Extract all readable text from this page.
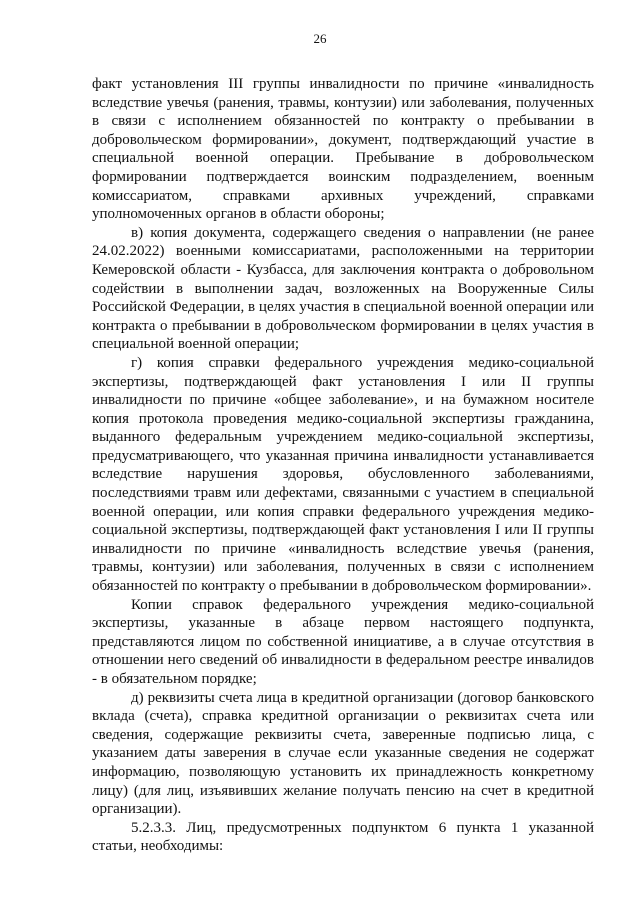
26

факт установления III группы инвалидности по причине «инвалидность вследствие увечья (ранения, травмы, контузии) или заболевания, полученных в связи с исполнением обязанностей по контракту о пребывании в добровольческом формировании», документ, подтверждающий участие в специальной военной операции. Пребывание в добровольческом формировании подтверждается воинским подразделением, военным комиссариатом, справками архивных учреждений, справками уполномоченных органов в области обороны;

в) копия документа, содержащего сведения о направлении (не ранее 24.02.2022) военными комиссариатами, расположенными на территории Кемеровской области - Кузбасса, для заключения контракта о добровольном содействии в выполнении задач, возложенных на Вооруженные Силы Российской Федерации, в целях участия в специальной военной операции или контракта о пребывании в добровольческом формировании в целях участия в специальной военной операции;

г) копия справки федерального учреждения медико-социальной экспертизы, подтверждающей факт установления I или II группы инвалидности по причине «общее заболевание», и на бумажном носителе копия протокола проведения медико-социальной экспертизы гражданина, выданного федеральным учреждением медико-социальной экспертизы, предусматривающего, что указанная причина инвалидности устанавливается вследствие нарушения здоровья, обусловленного заболеваниями, последствиями травм или дефектами, связанными с участием в специальной военной операции, или копия справки федерального учреждения медико-социальной экспертизы, подтверждающей факт установления I или II группы инвалидности по причине «инвалидность вследствие увечья (ранения, травмы, контузии) или заболевания, полученных в связи с исполнением обязанностей по контракту о пребывании в добровольческом формировании».

Копии справок федерального учреждения медико-социальной экспертизы, указанные в абзаце первом настоящего подпункта, представляются лицом по собственной инициативе, а в случае отсутствия в отношении него сведений об инвалидности в федеральном реестре инвалидов - в обязательном порядке;

д) реквизиты счета лица в кредитной организации (договор банковского вклада (счета), справка кредитной организации о реквизитах счета или сведения, содержащие реквизиты счета, заверенные подписью лица, с указанием даты заверения в случае если указанные сведения не содержат информацию, позволяющую установить их принадлежность конкретному лицу) (для лиц, изъявивших желание получать пенсию на счет в кредитной организации).

5.2.3.3. Лиц, предусмотренных подпунктом 6 пункта 1 указанной статьи, необходимы:
